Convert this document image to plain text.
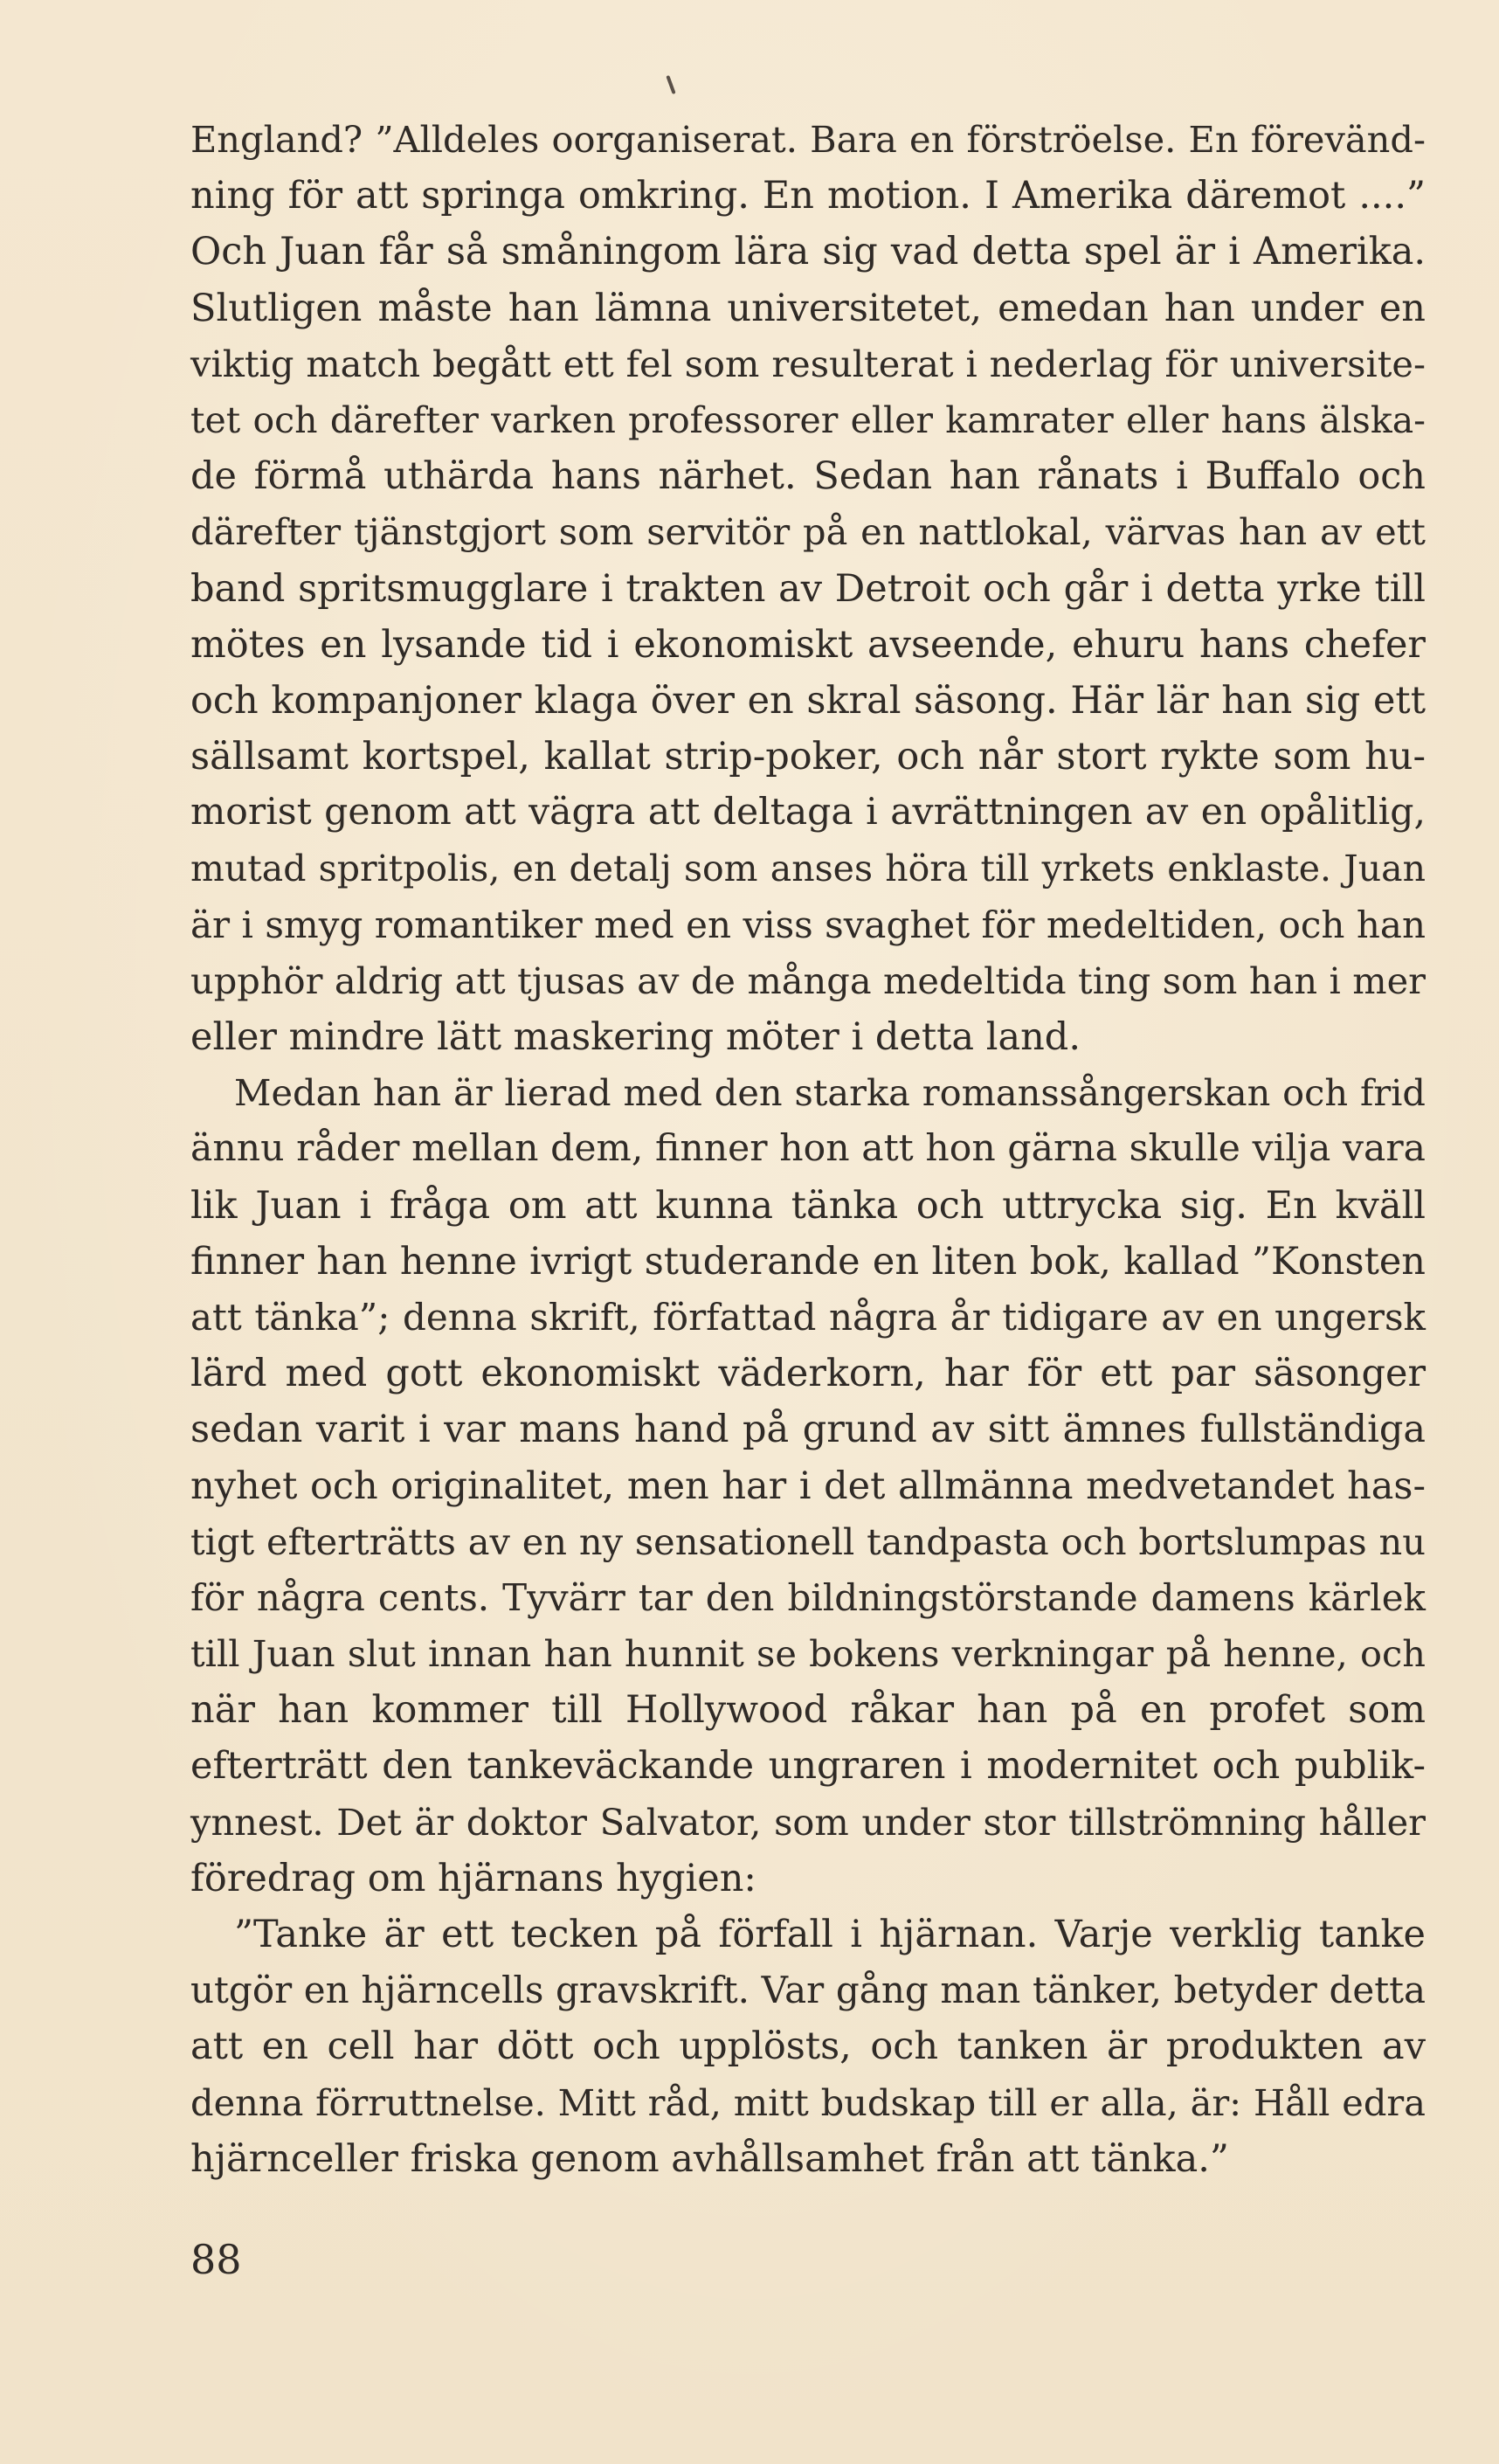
England? ”Alldeles oorganiserat. Bara en förströelse. En förevänd-
ning för att springa omkring. En motion. I Amerika däremot ....”
Och Juan får så småningom lära sig vad detta spel är i Amerika.
Slutligen måste han lämna universitetet, emedan han under en
viktig match begått ett fel som resulterat i nederlag för universite-
tet och därefter varken professorer eller kamrater eller hans älska-
de förmå uthärda hans närhet. Sedan han rånats i Buffalo och
därefter tjänstgjort som servitör på en nattlokal, värvas han av ett
band spritsmugglare i trakten av Detroit och går i detta yrke till
mötes en lysande tid i ekonomiskt avseende, ehuru hans chefer
och kompanjoner klaga över en skral säsong. Här lär han sig ett
sällsamt kortspel, kallat strip-poker, och når stort rykte som hu-
morist genom att vägra att deltaga i avrättningen av en opålitlig,
mutad spritpolis, en detalj som anses höra till yrkets enklaste. Juan
är i smyg romantiker med en viss svaghet för medeltiden, och han
upphör aldrig att tjusas av de många medeltida ting som han i mer
eller mindre lätt maskering möter i detta land.
Medan han är lierad med den starka romanssångerskan och frid
ännu råder mellan dem, finner hon att hon gärna skulle vilja vara
lik Juan i fråga om att kunna tänka och uttrycka sig. En kväll
finner han henne ivrigt studerande en liten bok, kallad ”Konsten
att tänka”; denna skrift, författad några år tidigare av en ungersk
lärd med gott ekonomiskt väderkorn, har för ett par säsonger
sedan varit i var mans hand på grund av sitt ämnes fullständiga
nyhet och originalitet, men har i det allmänna medvetandet has-
tigt efterträtts av en ny sensationell tandpasta och bortslumpas nu
för några cents. Tyvärr tar den bildningstörstande damens kärlek
till Juan slut innan han hunnit se bokens verkningar på henne, och
när han kommer till Hollywood råkar han på en profet som
efterträtt den tankeväckande ungraren i modernitet och publik-
ynnest. Det är doktor Salvator, som under stor tillströmning håller
föredrag om hjärnans hygien:
”Tanke är ett tecken på förfall i hjärnan. Varje verklig tanke
utgör en hjärncells gravskrift. Var gång man tänker, betyder detta
att en cell har dött och upplösts, och tanken är produkten av
denna förruttnelse. Mitt råd, mitt budskap till er alla, är: Håll edra
hjärnceller friska genom avhållsamhet från att tänka.”
88
